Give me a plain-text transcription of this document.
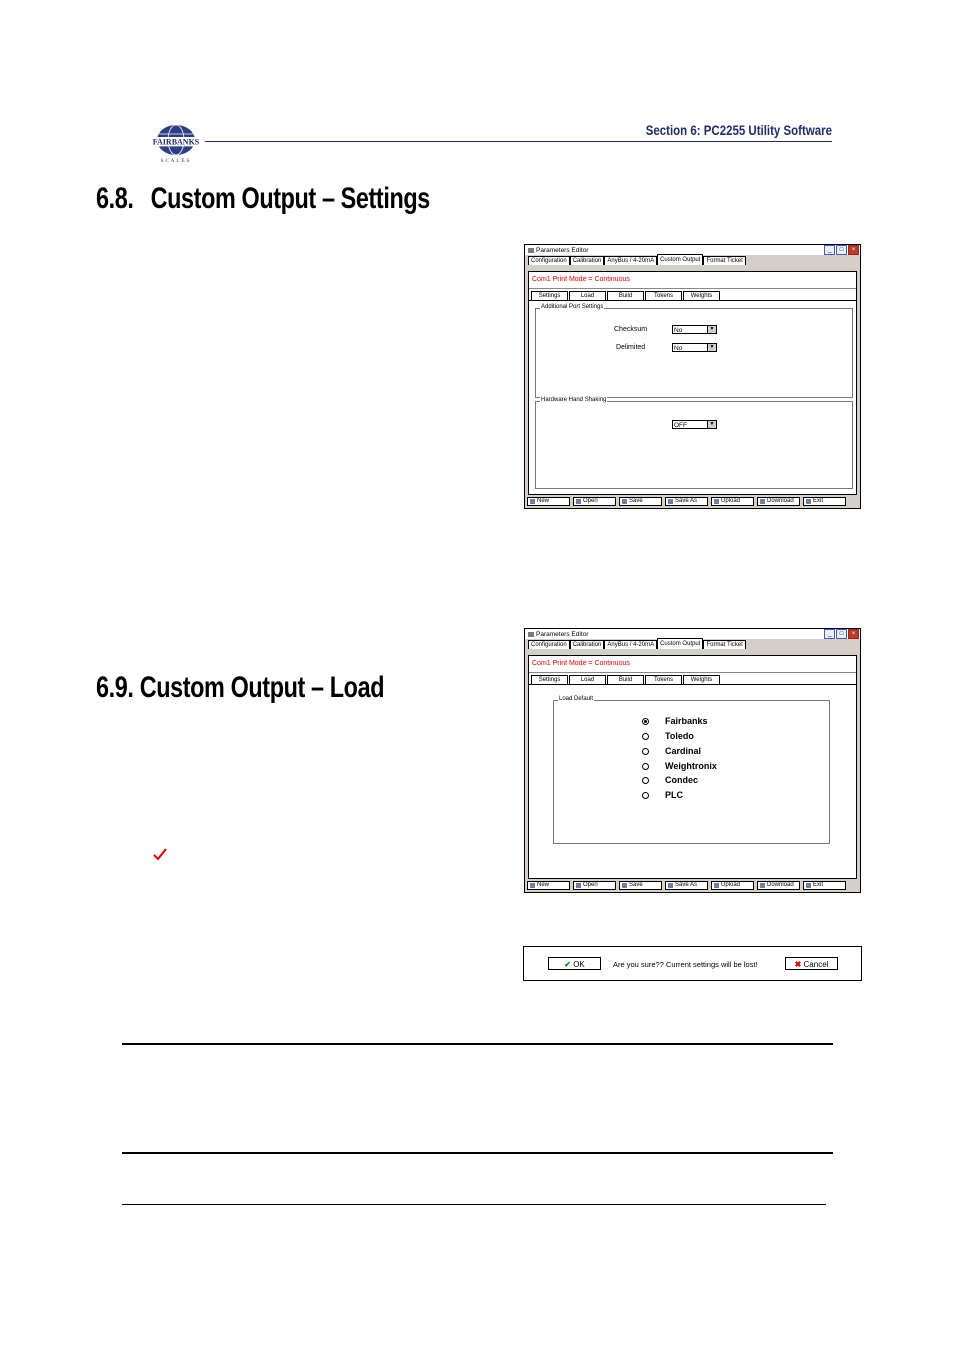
FAIRBANKS
SCALES
Section 6: PC2255 Utility Software
6.8. Custom Output – Settings
Parameters Editor	_	□	×
Configuration	Calibration	AnyBus / 4-20mA	Custom Output	Format Ticket
Com1 Print Mode = Continuous
Settings	Load	Build	Tokens	Weights
Additional Port Settings
Checksum	No	▼
Delimited	No	▼
Hardware Hand Shaking
OFF	▼
New	Open	Save	Save As	Upload	Download	Exit
Parameters Editor	_	□	×
Configuration	Calibration	AnyBus / 4-20mA	Custom Output	Format Ticket
Com1 Print Mode = Continuous
Settings	Load	Build	Tokens	Weights
Load Default
Fairbanks
Toledo
Cardinal
Weightronix
Condec
PLC
New	Open	Save	Save As	Upload	Download	Exit
6.9. Custom Output – Load
✔ OK	Are you sure?? Current settings will be lost!	✖ Cancel
